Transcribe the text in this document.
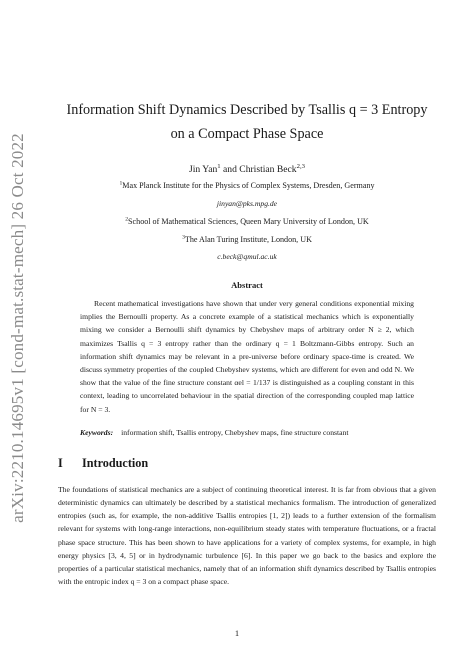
arXiv:2210.14695v1 [cond-mat.stat-mech] 26 Oct 2022
Information Shift Dynamics Described by Tsallis q = 3 Entropy
on a Compact Phase Space
Jin Yan$^1$ and Christian Beck$^{2,3}$
$^1$Max Planck Institute for the Physics of Complex Systems, Dresden, Germany
jinyan@pks.mpg.de
$^2$School of Mathematical Sciences, Queen Mary University of London, UK
$^3$The Alan Turing Institute, London, UK
c.beck@qmul.ac.uk
Abstract
Recent mathematical investigations have shown that under very general conditions exponential mixing implies the Bernoulli property. As a concrete example of a statistical mechanics which is exponentially mixing we consider a Bernoulli shift dynamics by Chebyshev maps of arbitrary order N ≥ 2, which maximizes Tsallis q = 3 entropy rather than the ordinary q = 1 Boltzmann-Gibbs entropy. Such an information shift dynamics may be relevant in a pre-universe before ordinary space-time is created. We discuss symmetry properties of the coupled Chebyshev systems, which are different for even and odd N. We show that the value of the fine structure constant αel = 1/137 is distinguished as a coupling constant in this context, leading to uncorrelated behaviour in the spatial direction of the corresponding coupled map lattice for N = 3.
Keywords: information shift, Tsallis entropy, Chebyshev maps, fine structure constant
I	Introduction
The foundations of statistical mechanics are a subject of continuing theoretical interest. It is far from obvious that a given deterministic dynamics can ultimately be described by a statistical mechanics formalism. The introduction of generalized entropies (such as, for example, the non-additive Tsallis entropies [1, 2]) leads to a further extension of the formalism relevant for systems with long-range interactions, non-equilibrium steady states with temperature fluctuations, or a fractal phase space structure. This has been shown to have applications for a variety of complex systems, for example, in high energy physics [3, 4, 5] or in hydrodynamic turbulence [6]. In this paper we go back to the basics and explore the properties of a particular statistical mechanics, namely that of an information shift dynamics described by Tsallis entropies with the entropic index q = 3 on a compact phase space.
1
